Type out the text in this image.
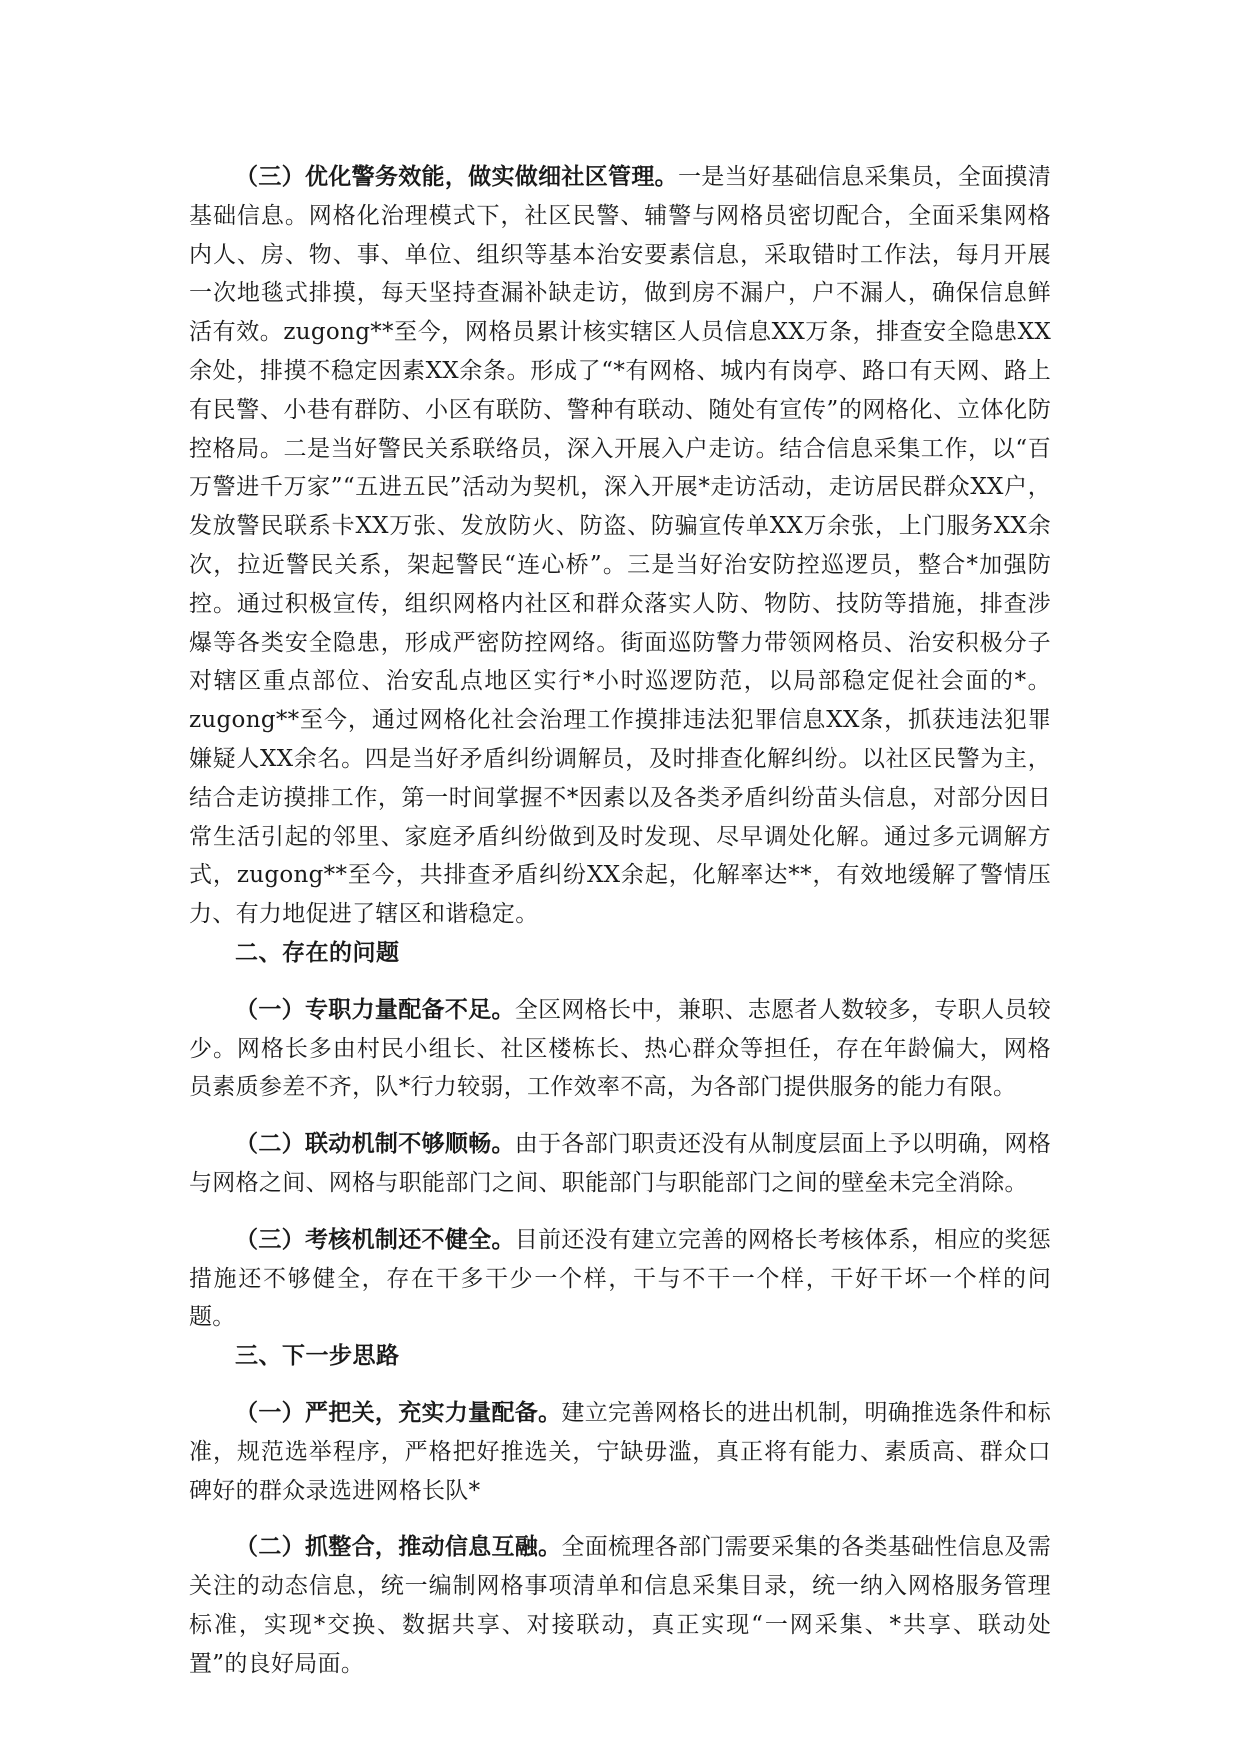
（三）优化警务效能，做实做细社区管理。一是当好基础信息采集员，全面摸清基础信息。网格化治理模式下，社区民警、辅警与网格员密切配合，全面采集网格内人、房、物、事、单位、组织等基本治安要素信息，采取错时工作法，每月开展一次地毯式排摸，每天坚持查漏补缺走访，做到房不漏户，户不漏人，确保信息鲜活有效。zugong**至今，网格员累计核实辖区人员信息XX万条，排查安全隐患XX余处，排摸不稳定因素XX余条。形成了“*有网格、城内有岗亭、路口有天网、路上有民警、小巷有群防、小区有联防、警种有联动、随处有宣传”的网格化、立体化防控格局。二是当好警民关系联络员，深入开展入户走访。结合信息采集工作，以“百万警进千万家”“五进五民”活动为契机，深入开展*走访活动，走访居民群众XX户，发放警民联系卡XX万张、发放防火、防盗、防骗宣传单XX万余张，上门服务XX余次，拉近警民关系，架起警民“连心桥”。三是当好治安防控巡逻员，整合*加强防控。通过积极宣传，组织网格内社区和群众落实人防、物防、技防等措施，排查涉爆等各类安全隐患，形成严密防控网络。街面巡防警力带领网格员、治安积极分子对辖区重点部位、治安乱点地区实行*小时巡逻防范，以局部稳定促社会面的*。zugong**至今，通过网格化社会治理工作摸排违法犯罪信息XX条，抓获违法犯罪嫌疑人XX余名。四是当好矛盾纠纷调解员，及时排查化解纠纷。以社区民警为主，结合走访摸排工作，第一时间掌握不*因素以及各类矛盾纠纷苗头信息，对部分因日常生活引起的邻里、家庭矛盾纠纷做到及时发现、尽早调处化解。通过多元调解方式，zugong**至今，共排查矛盾纠纷XX余起，化解率达**，有效地缓解了警情压力、有力地促进了辖区和谐稳定。

二、存在的问题

（一）专职力量配备不足。全区网格长中，兼职、志愿者人数较多，专职人员较少。网格长多由村民小组长、社区楼栋长、热心群众等担任，存在年龄偏大，网格员素质参差不齐，队*行力较弱，工作效率不高，为各部门提供服务的能力有限。

（二）联动机制不够顺畅。由于各部门职责还没有从制度层面上予以明确，网格与网格之间、网格与职能部门之间、职能部门与职能部门之间的壁垒未完全消除。

（三）考核机制还不健全。目前还没有建立完善的网格长考核体系，相应的奖惩措施还不够健全，存在干多干少一个样，干与不干一个样，干好干坏一个样的问题。

三、下一步思路

（一）严把关，充实力量配备。建立完善网格长的进出机制，明确推选条件和标准，规范选举程序，严格把好推选关，宁缺毋滥，真正将有能力、素质高、群众口碑好的群众录选进网格长队*

（二）抓整合，推动信息互融。全面梳理各部门需要采集的各类基础性信息及需关注的动态信息，统一编制网格事项清单和信息采集目录，统一纳入网格服务管理标准，实现*交换、数据共享、对接联动，真正实现“一网采集、*共享、联动处置”的良好局面。
